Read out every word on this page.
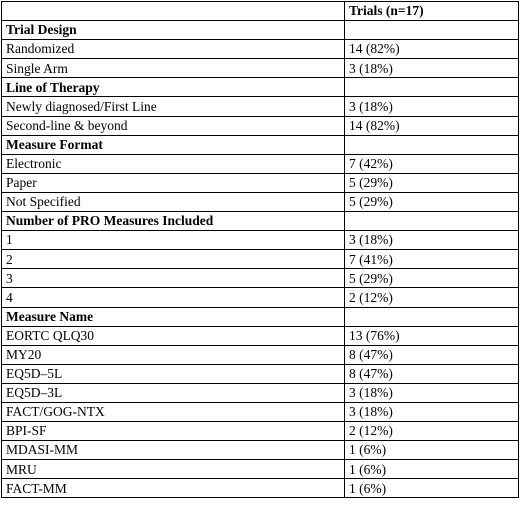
	Trials (n=17)
Trial Design	
Randomized	14 (82%)
Single Arm	3 (18%)
Line of Therapy	
Newly diagnosed/First Line	3 (18%)
Second-line & beyond	14 (82%)
Measure Format	
Electronic	7 (42%)
Paper	5 (29%)
Not Specified	5 (29%)
Number of PRO Measures Included	
1	3 (18%)
2	7 (41%)
3	5 (29%)
4	2 (12%)
Measure Name	
EORTC QLQ30	13 (76%)
MY20	8 (47%)
EQ5D–5L	8 (47%)
EQ5D–3L	3 (18%)
FACT/GOG-NTX	3 (18%)
BPI-SF	2 (12%)
MDASI-MM	1 (6%)
MRU	1 (6%)
FACT-MM	1 (6%)
